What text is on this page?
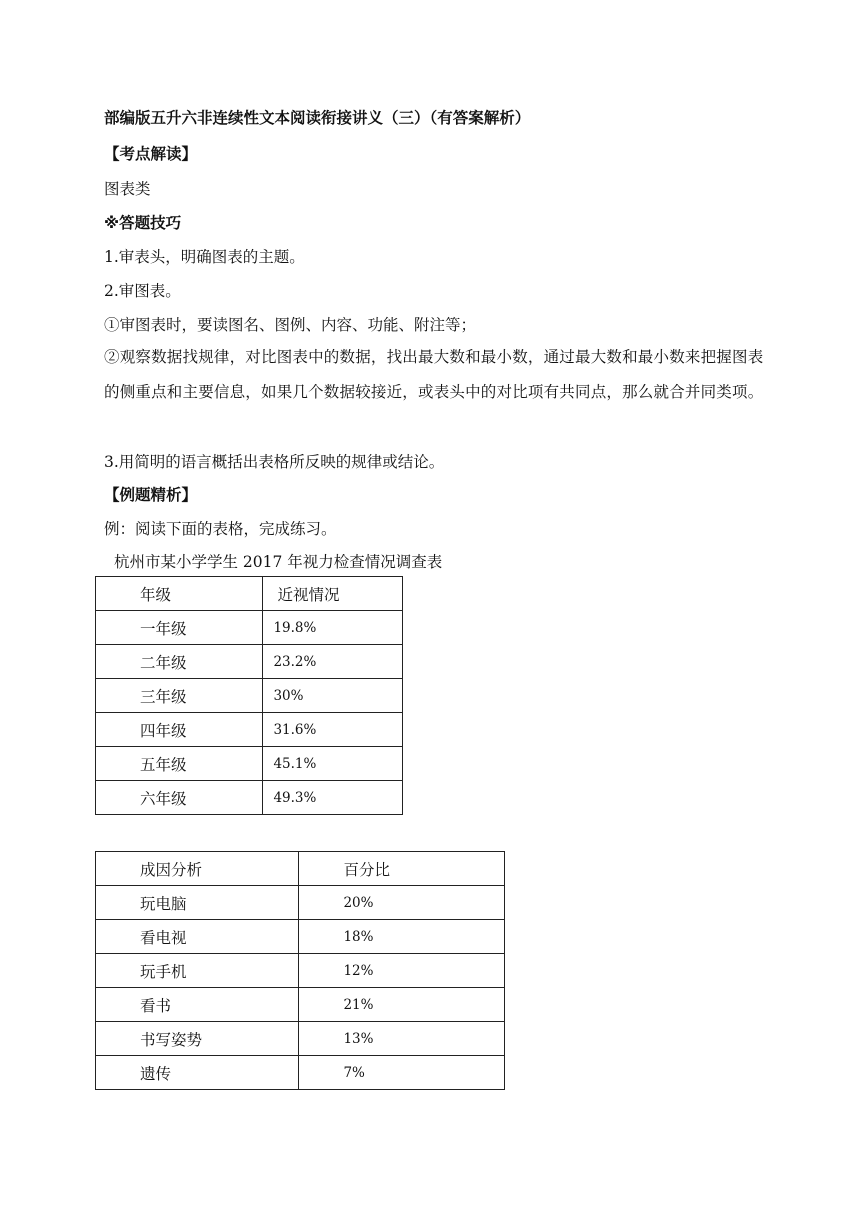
部编版五升六非连续性文本阅读衔接讲义（三）（有答案解析）
【考点解读】
图表类
※答题技巧
1.审表头，明确图表的主题。
2.审图表。
①审图表时，要读图名、图例、内容、功能、附注等；
②观察数据找规律，对比图表中的数据，找出最大数和最小数，通过最大数和最小数来把握图表的侧重点和主要信息，如果几个数据较接近，或表头中的对比项有共同点，那么就合并同类项。
3.用简明的语言概括出表格所反映的规律或结论。
【例题精析】
例：阅读下面的表格，完成练习。
杭州市某小学学生 2017 年视力检查情况调查表
年级	近视情况
一年级	19.8%
二年级	23.2%
三年级	30%
四年级	31.6%
五年级	45.1%
六年级	49.3%
成因分析	百分比
玩电脑	20%
看电视	18%
玩手机	12%
看书	21%
书写姿势	13%
遗传	7%
